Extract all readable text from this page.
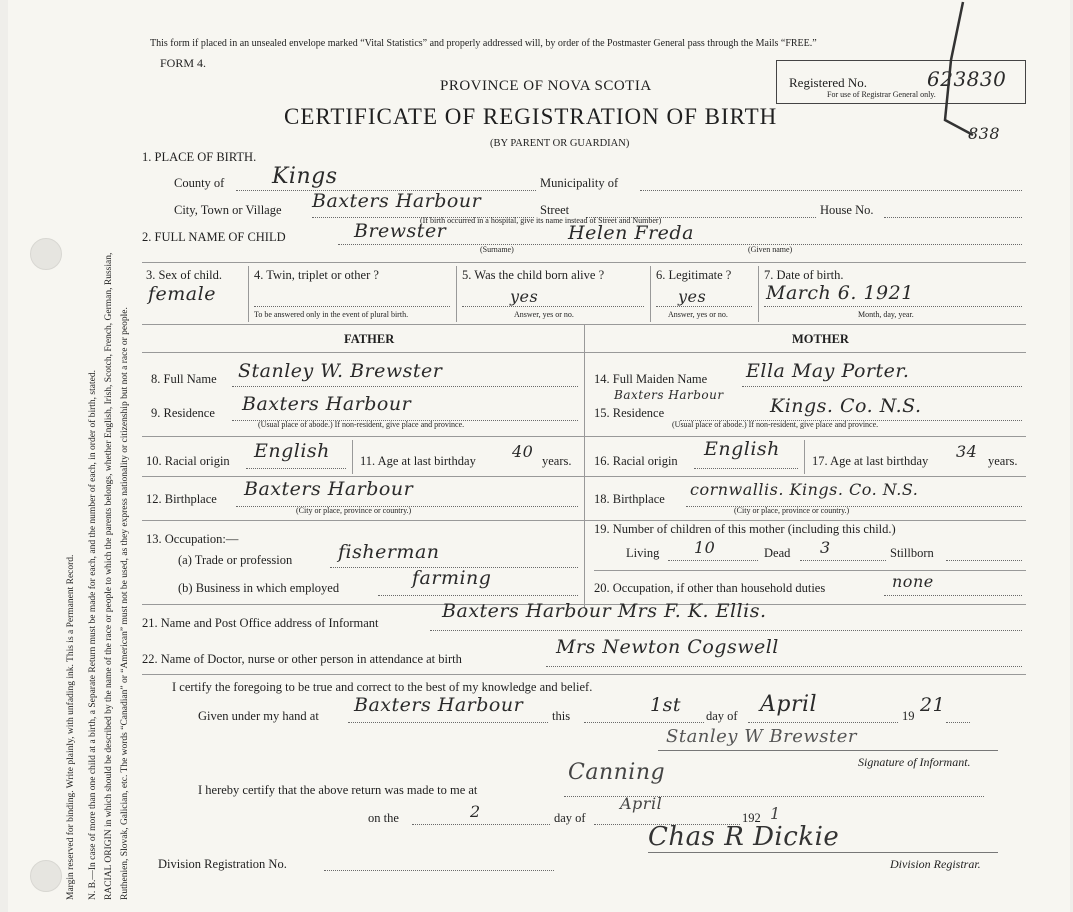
Margin reserved for binding. Write plainly, with unfading ink. This is a Permanent Record. N. B.—In case of more than one child at a birth, a Separate Return must be made for each, and the number of each, in order of birth, stated. RACIAL ORIGIN in which should be described by the name of the race or people to which the parents belongs, whether English, Irish, Scotch, French, German, Russian, Ruthenien, Slovak, Galician, etc. The words “Canadian” or “American” must not be used, as they express nationality or citizenship but not a race or people.
This form if placed in an unsealed envelope marked “Vital Statistics” and properly addressed will, by order of the Postmaster General pass through the Mails “FREE.”
FORM 4.
PROVINCE OF NOVA SCOTIA
CERTIFICATE OF REGISTRATION OF BIRTH
(BY PARENT OR GUARDIAN)
Registered No.	623830
For use of Registrar General only.
838
1. PLACE OF BIRTH.
County of Kings	Municipality of
City, Town or Village Baxters Harbour	Street	House No.
(If birth occurred in a hospital, give its name instead of Street and Number)
2. FULL NAME OF CHILD	Brewster	Helen Freda
(Surname)	(Given name)
3. Sex of child.
female
4. Twin, triplet or other ?
To be answered only in the event of plural birth.
5. Was the child born alive ?
yes
Answer, yes or no.
6. Legitimate ?
yes
Answer, yes or no.
7. Date of birth.
March 6. 1921
Month, day, year.
FATHER	MOTHER
8. Full Name Stanley W. Brewster
9. Residence Baxters Harbour
(Usual place of abode.) If non-resident, give place and province.
10. Racial origin English 11. Age at last birthday 40 years.
12. Birthplace Baxters Harbour
(City or place, province or country.)
13. Occupation:—
(a) Trade or profession fisherman
(b) Business in which employed	farming
14. Full Maiden Name Ella May Porter.
Baxters Harbour
15. Residence	Kings. Co. N.S.
(Usual place of abode.) If non-resident, give place and province.
16. Racial origin
English
17. Age at last birthday 34 years.
18. Birthplace cornwallis. Kings. Co. N.S.
(City or place, province or country.)
19. Number of children of this mother (including this child.)
Living 10	Dead 3	Stillborn
20. Occupation, if other than household duties	none
21. Name and Post Office address of Informant
Baxters Harbour Mrs F. K. Ellis.
22. Name of Doctor, nurse or other person in attendance at birth
Mrs Newton Cogswell
I certify the foregoing to be true and correct to the best of my knowledge and belief.
Given under my hand at Baxters Harbour this	1st day of April	19 21
Stanley W Brewster
Signature of Informant.
I hereby certify that the above return was made to me at
Canning
on the	2	day of
April
192 1
Chas R Dickie
Division Registration No.	Division Registrar.
